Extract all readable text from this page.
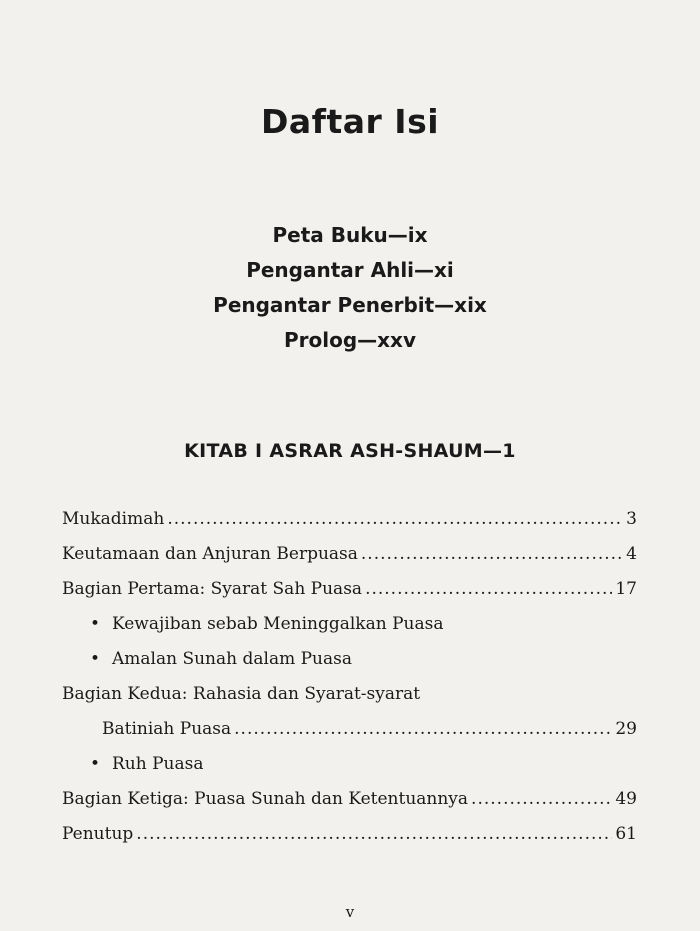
Daftar Isi
Peta Buku—ix
Pengantar Ahli—xi
Pengantar Penerbit—xix
Prolog—xxv
KITAB I ASRAR ASH-SHAUM—1
Mukadimah .....	3
Keutamaan dan Anjuran Berpuasa .....	4
Bagian Pertama: Syarat Sah Puasa .....	17
• Kewajiban sebab Meninggalkan Puasa
• Amalan Sunah dalam Puasa
Bagian Kedua: Rahasia dan Syarat-syarat
Batiniah Puasa .....	29
• Ruh Puasa
Bagian Ketiga: Puasa Sunah dan Ketentuannya .....	49
Penutup .....	61
v
